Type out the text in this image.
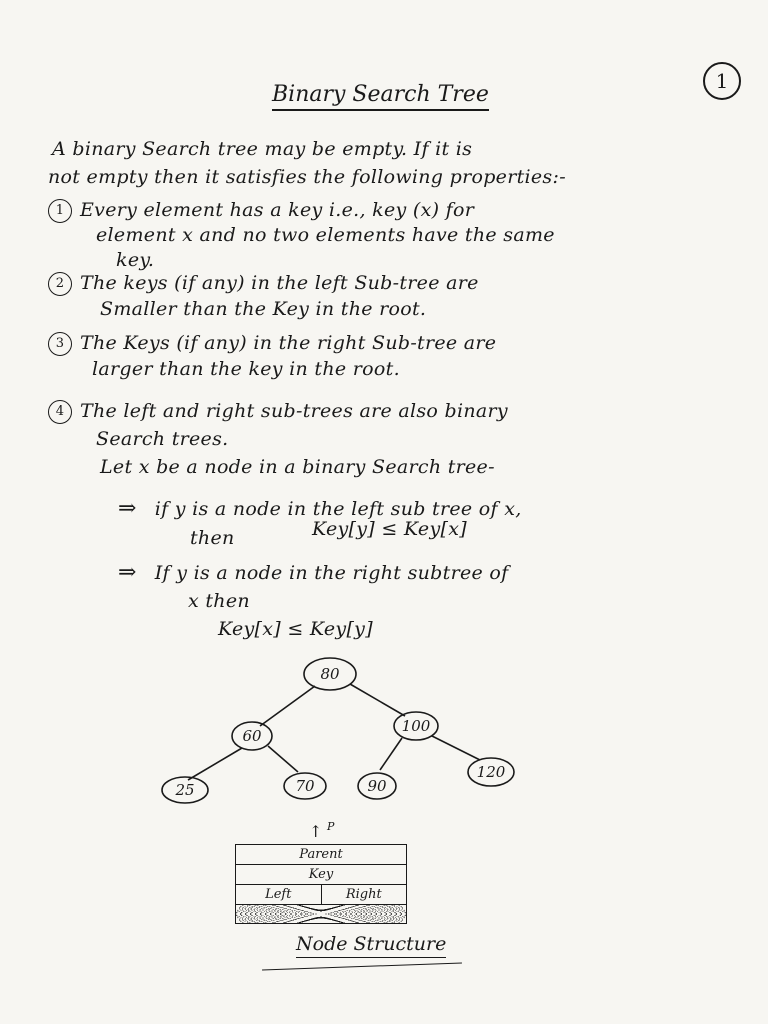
1
Binary Search Tree
A binary Search tree may be empty. If it is
not empty then it satisfies the following properties:-
1 Every element has a key i.e., key (x) for
element x and no two elements have the same
key.
2 The keys (if any) in the left Sub-tree are
Smaller than the Key in the root.
3 The Keys (if any) in the right Sub-tree are
larger than the key in the root.
4 The left and right sub-trees are also binary
Search trees.
Let x be a node in a binary Search tree-
⇒ if y is a node in the left sub tree of x,
then	Key[y] ≤ Key[x]
⇒ If y is a node in the right subtree of
x then
Key[x] ≤ Key[y]
80
60
100
25	70	90
120
↑ P
Parent
Key
Left	Right
Node Structure
